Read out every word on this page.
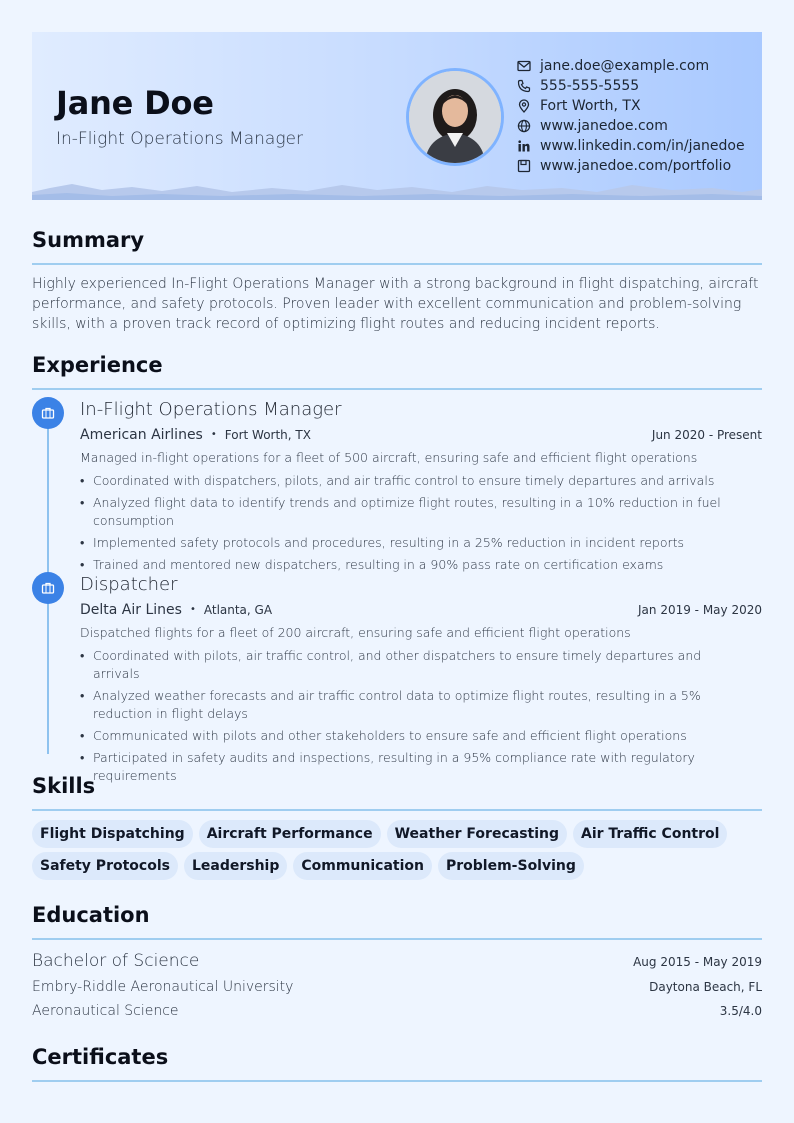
Jane Doe
In-Flight Operations Manager
jane.doe@example.com
555-555-5555
Fort Worth, TX
www.janedoe.com
www.linkedin.com/in/janedoe
www.janedoe.com/portfolio
Summary
Highly experienced In-Flight Operations Manager with a strong background in flight dispatching, aircraft performance, and safety protocols. Proven leader with excellent communication and problem-solving skills, with a proven track record of optimizing flight routes and reducing incident reports.
Experience
In-Flight Operations Manager
American Airlines • Fort Worth, TX	Jun 2020 - Present
Managed in-flight operations for a fleet of 500 aircraft, ensuring safe and efficient flight operations
• Coordinated with dispatchers, pilots, and air traffic control to ensure timely departures and arrivals
• Analyzed flight data to identify trends and optimize flight routes, resulting in a 10% reduction in fuel consumption
• Implemented safety protocols and procedures, resulting in a 25% reduction in incident reports
• Trained and mentored new dispatchers, resulting in a 90% pass rate on certification exams
Dispatcher
Delta Air Lines • Atlanta, GA	Jan 2019 - May 2020
Dispatched flights for a fleet of 200 aircraft, ensuring safe and efficient flight operations
• Coordinated with pilots, air traffic control, and other dispatchers to ensure timely departures and arrivals
• Analyzed weather forecasts and air traffic control data to optimize flight routes, resulting in a 5% reduction in flight delays
• Communicated with pilots and other stakeholders to ensure safe and efficient flight operations
• Participated in safety audits and inspections, resulting in a 95% compliance rate with regulatory requirements
Skills
Flight Dispatching Aircraft Performance Weather Forecasting Air Traffic Control
Safety Protocols Leadership Communication Problem-Solving
Education
Bachelor of Science	Aug 2015 - May 2019
Embry-Riddle Aeronautical University	Daytona Beach, FL
Aeronautical Science	3.5/4.0
Certificates
